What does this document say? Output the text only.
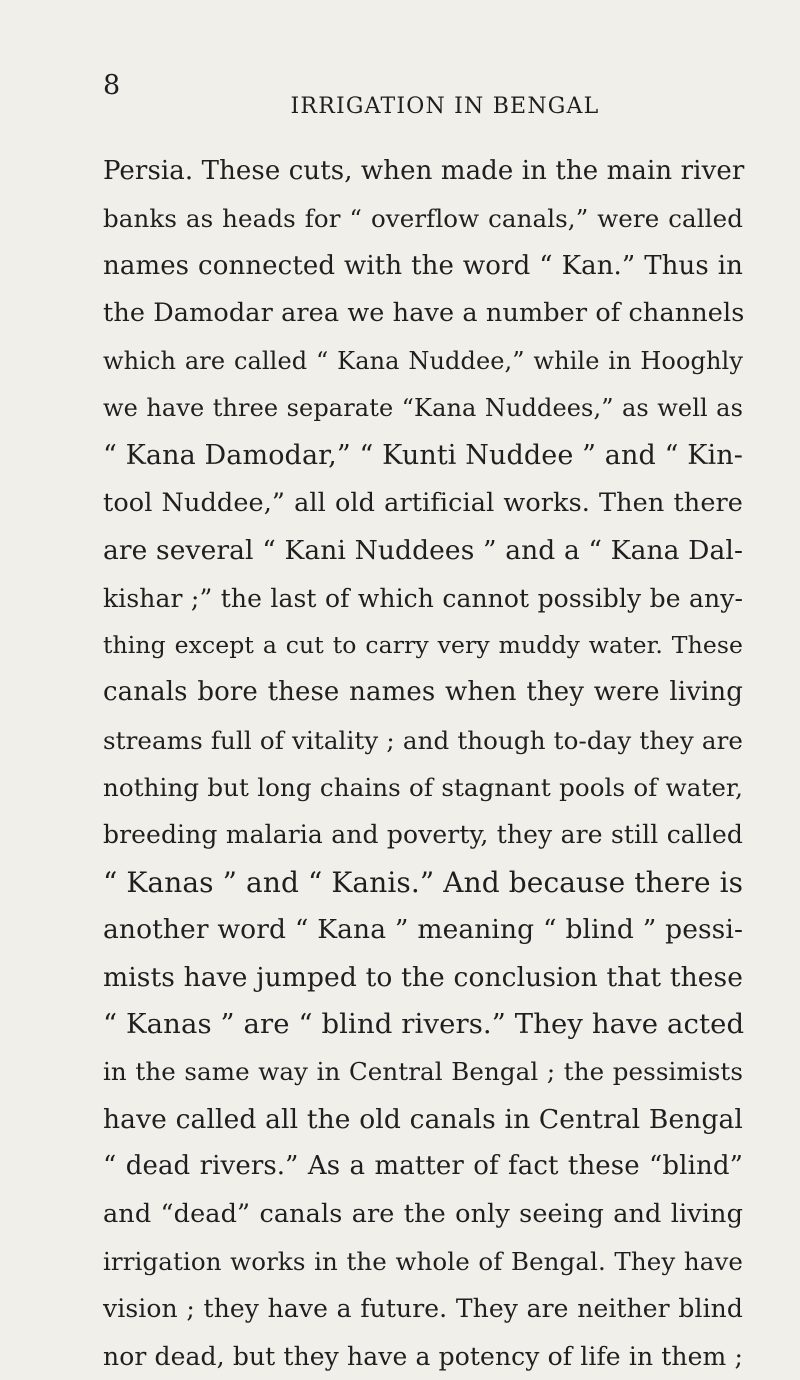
8
IRRIGATION IN BENGAL
Persia. These cuts, when made in the main river
banks as heads for “ overflow canals,” were called
names connected with the word “ Kan.” Thus in
the Damodar area we have a number of channels
which are called “ Kana Nuddee,” while in Hooghly
we have three separate “Kana Nuddees,” as well as
“ Kana Damodar,” “ Kunti Nuddee ” and “ Kin-
tool Nuddee,” all old artificial works. Then there
are several “ Kani Nuddees ” and a “ Kana Dal-
kishar ;” the last of which cannot possibly be any-
thing except a cut to carry very muddy water. These
canals bore these names when they were living
streams full of vitality ; and though to-day they are
nothing but long chains of stagnant pools of water,
breeding malaria and poverty, they are still called
“ Kanas ” and “ Kanis.” And because there is
another word “ Kana ” meaning “ blind ” pessi-
mists have jumped to the conclusion that these
“ Kanas ” are “ blind rivers.” They have acted
in the same way in Central Bengal ; the pessimists
have called all the old canals in Central Bengal
“ dead rivers.” As a matter of fact these “blind”
and “dead” canals are the only seeing and living
irrigation works in the whole of Bengal. They have
vision ; they have a future. They are neither blind
nor dead, but they have a potency of life in them ;
